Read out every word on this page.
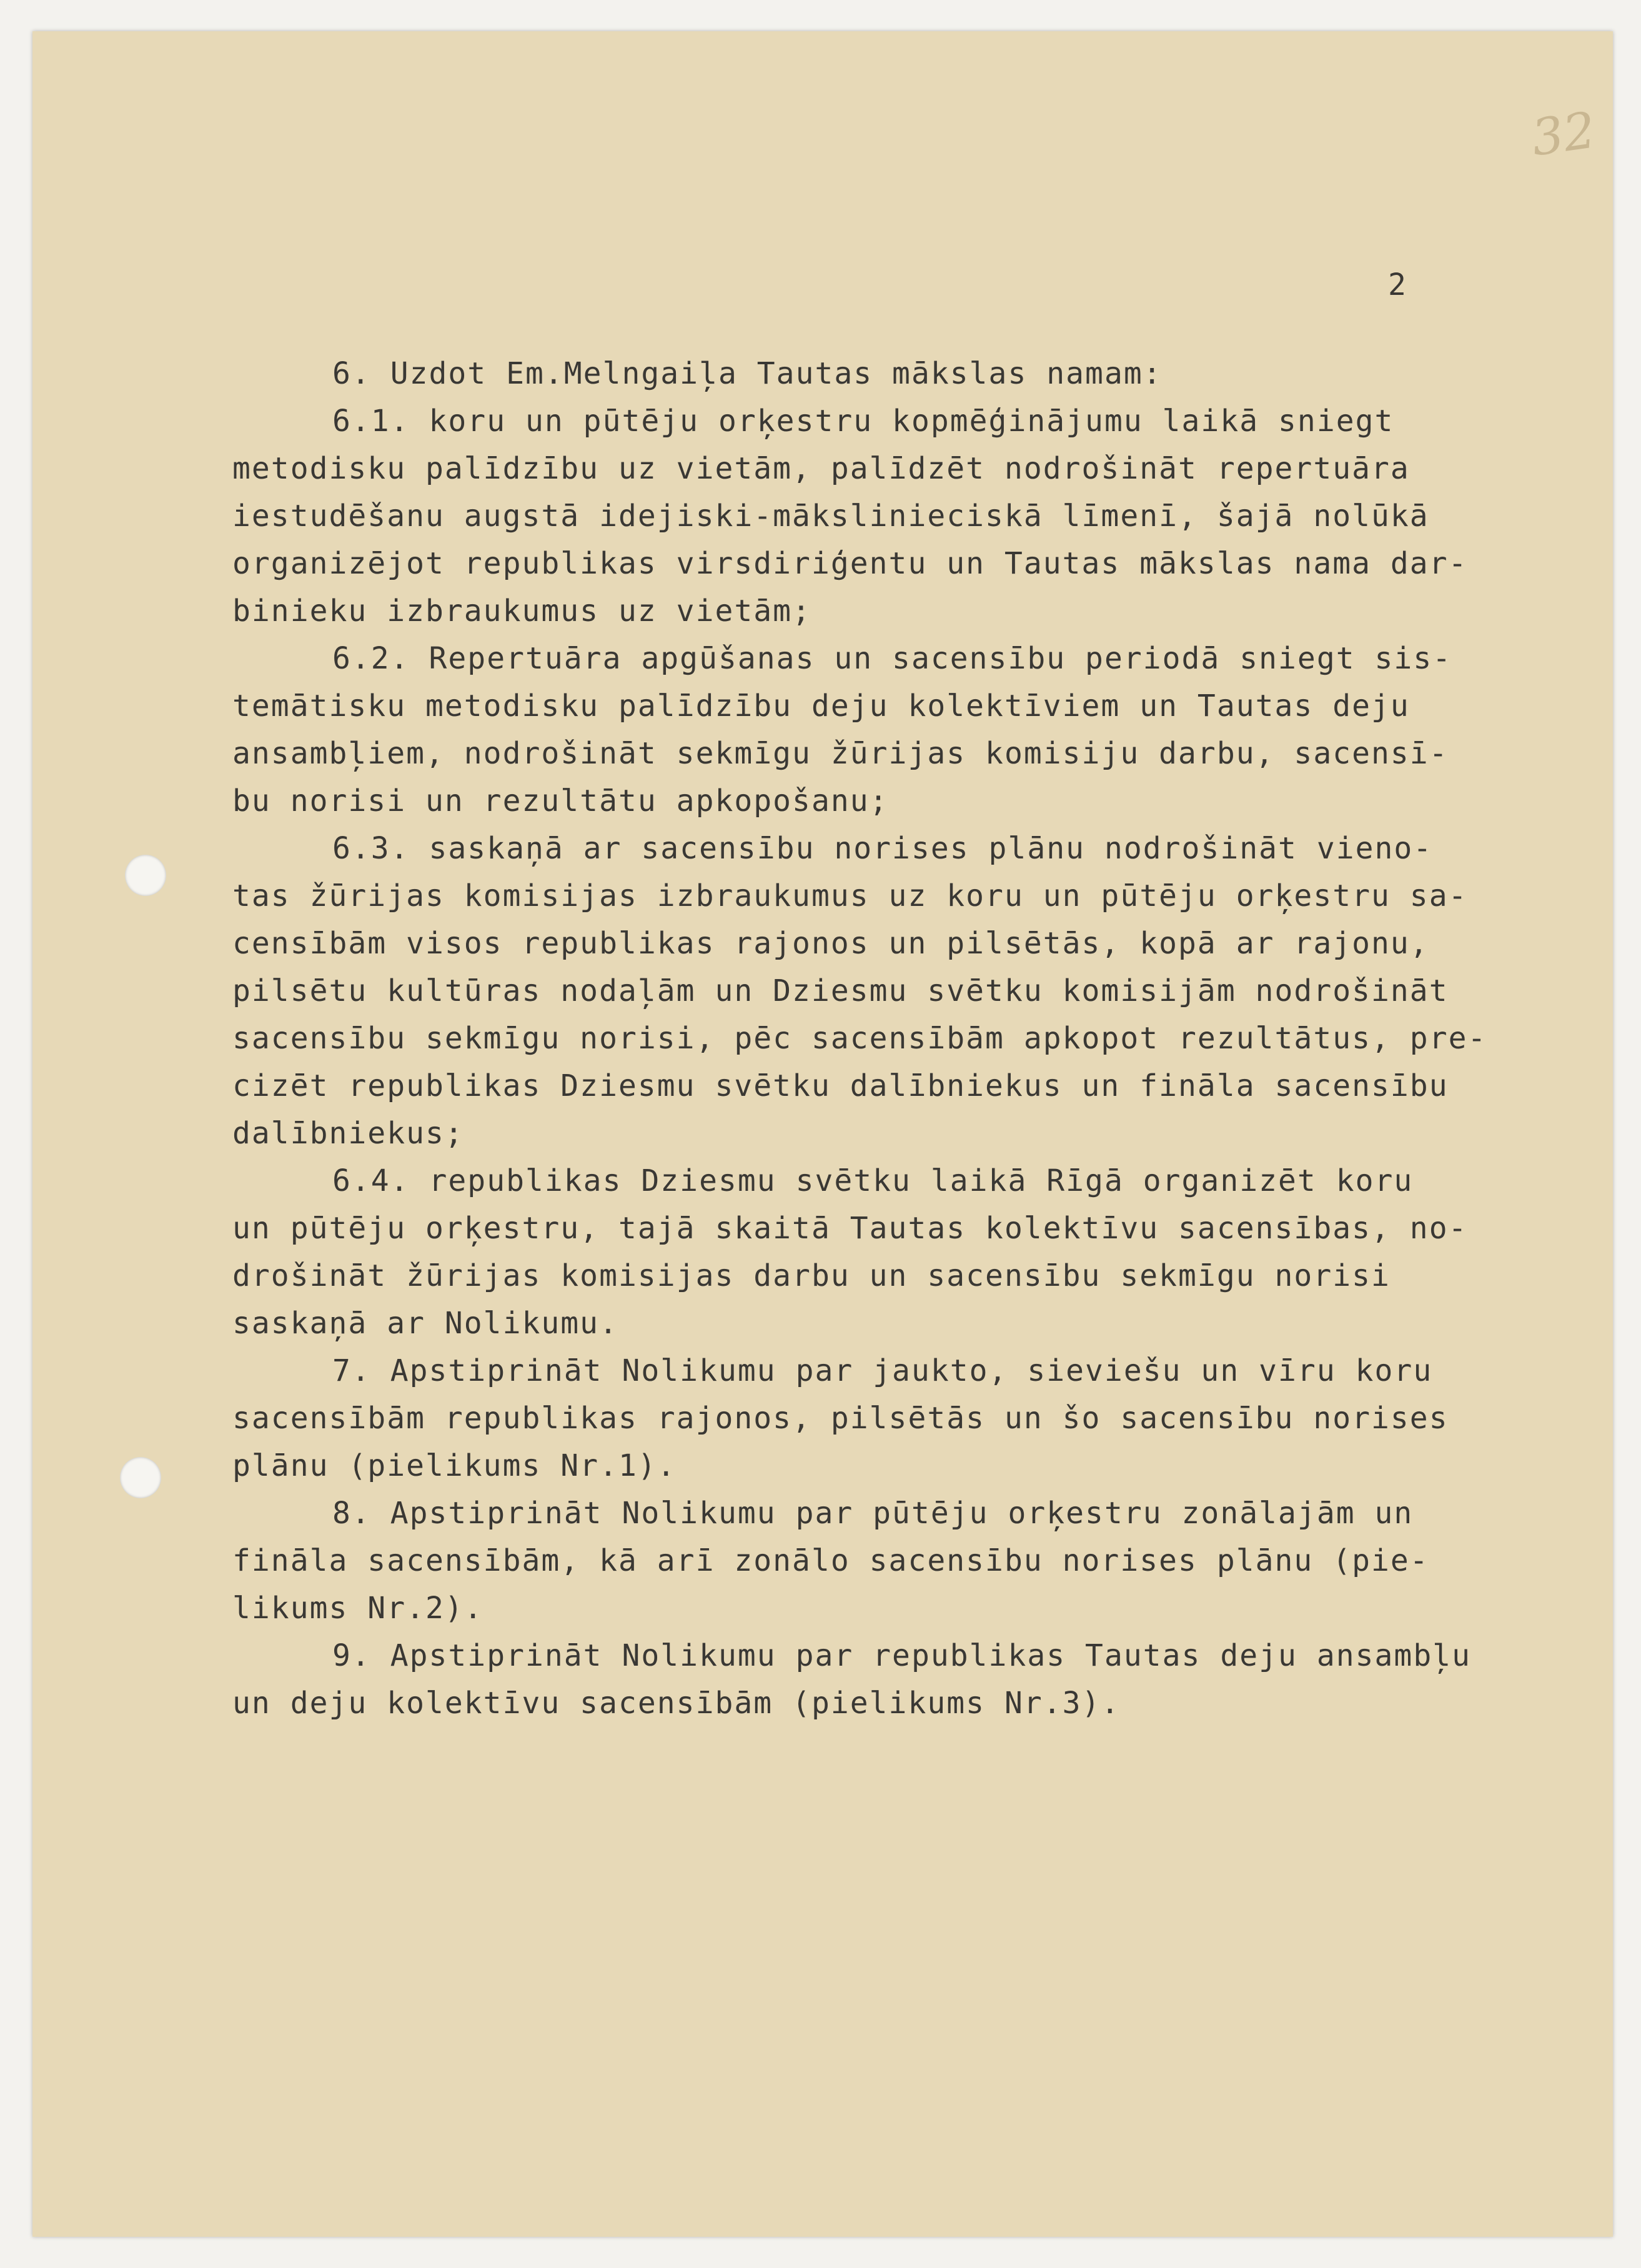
32
2
6. Uzdot Em.Melngaiļa Tautas mākslas namam:
6.1. koru un pūtēju orķestru kopmēģinājumu laikā sniegt
metodisku palīdzību uz vietām, palīdzēt nodrošināt repertuāra
iestudēšanu augstā idejiski-mākslinieciskā līmenī, šajā nolūkā
organizējot republikas virsdiriģentu un Tautas mākslas nama dar-
binieku izbraukumus uz vietām;
6.2. Repertuāra apgūšanas un sacensību periodā sniegt sis-
temātisku metodisku palīdzību deju kolektīviem un Tautas deju
ansambļiem, nodrošināt sekmīgu žūrijas komisiju darbu, sacensī-
bu norisi un rezultātu apkopošanu;
6.3. saskaņā ar sacensību norises plānu nodrošināt vieno-
tas žūrijas komisijas izbraukumus uz koru un pūtēju orķestru sa-
censībām visos republikas rajonos un pilsētās, kopā ar rajonu,
pilsētu kultūras nodaļām un Dziesmu svētku komisijām nodrošināt
sacensību sekmīgu norisi, pēc sacensībām apkopot rezultātus, pre-
cizēt republikas Dziesmu svētku dalībniekus un fināla sacensību
dalībniekus;
6.4. republikas Dziesmu svētku laikā Rīgā organizēt koru
un pūtēju orķestru, tajā skaitā Tautas kolektīvu sacensības, no-
drošināt žūrijas komisijas darbu un sacensību sekmīgu norisi
saskaņā ar Nolikumu.
7. Apstiprināt Nolikumu par jaukto, sieviešu un vīru koru
sacensībām republikas rajonos, pilsētās un šo sacensību norises
plānu (pielikums Nr.1).
8. Apstiprināt Nolikumu par pūtēju orķestru zonālajām un
fināla sacensībām, kā arī zonālo sacensību norises plānu (pie-
likums Nr.2).
9. Apstiprināt Nolikumu par republikas Tautas deju ansambļu
un deju kolektīvu sacensībām (pielikums Nr.3).
